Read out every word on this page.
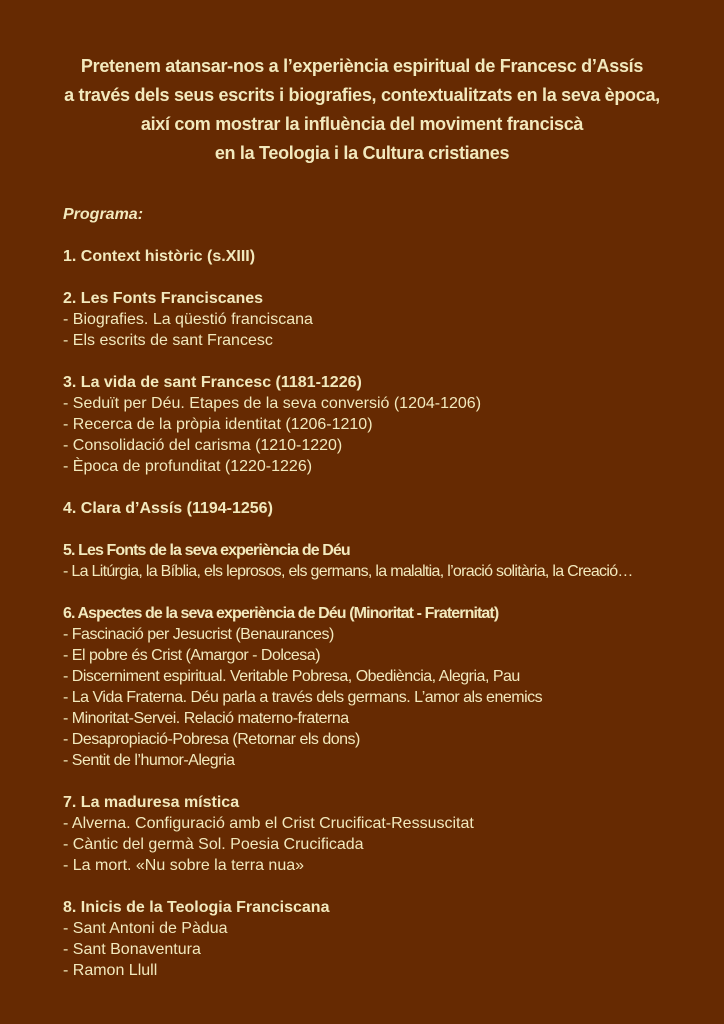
Pretenem atansar-nos a l’experiència espiritual de Francesc d’Assís
a través dels seus escrits i biografies, contextualitzats en la seva època,
així com mostrar la influència del moviment franciscà
en la Teologia i la Cultura cristianes
Programa:
1. Context històric (s.XIII)
2. Les Fonts Franciscanes
- Biografies. La qüestió franciscana
- Els escrits de sant Francesc
3. La vida de sant Francesc (1181-1226)
- Seduït per Déu. Etapes de la seva conversió (1204-1206)
- Recerca de la pròpia identitat (1206-1210)
- Consolidació del carisma (1210-1220)
- Època de profunditat (1220-1226)
4. Clara d’Assís (1194-1256)
5. Les Fonts de la seva experiència de Déu
- La Litúrgia, la Bíblia, els leprosos, els germans, la malaltia, l’oració solitària, la Creació…
6. Aspectes de la seva experiència de Déu (Minoritat - Fraternitat)
- Fascinació per Jesucrist (Benaurances)
- El pobre és Crist (Amargor - Dolcesa)
- Discerniment espiritual. Veritable Pobresa, Obediència, Alegria, Pau
- La Vida Fraterna. Déu parla a través dels germans. L’amor als enemics
- Minoritat-Servei. Relació materno-fraterna
- Desapropiació-Pobresa (Retornar els dons)
- Sentit de l’humor-Alegria
7. La maduresa mística
- Alverna. Configuració amb el Crist Crucificat-Ressuscitat
- Càntic del germà Sol. Poesia Crucificada
- La mort. «Nu sobre la terra nua»
8. Inicis de la Teologia Franciscana
- Sant Antoni de Pàdua
- Sant Bonaventura
- Ramon Llull
